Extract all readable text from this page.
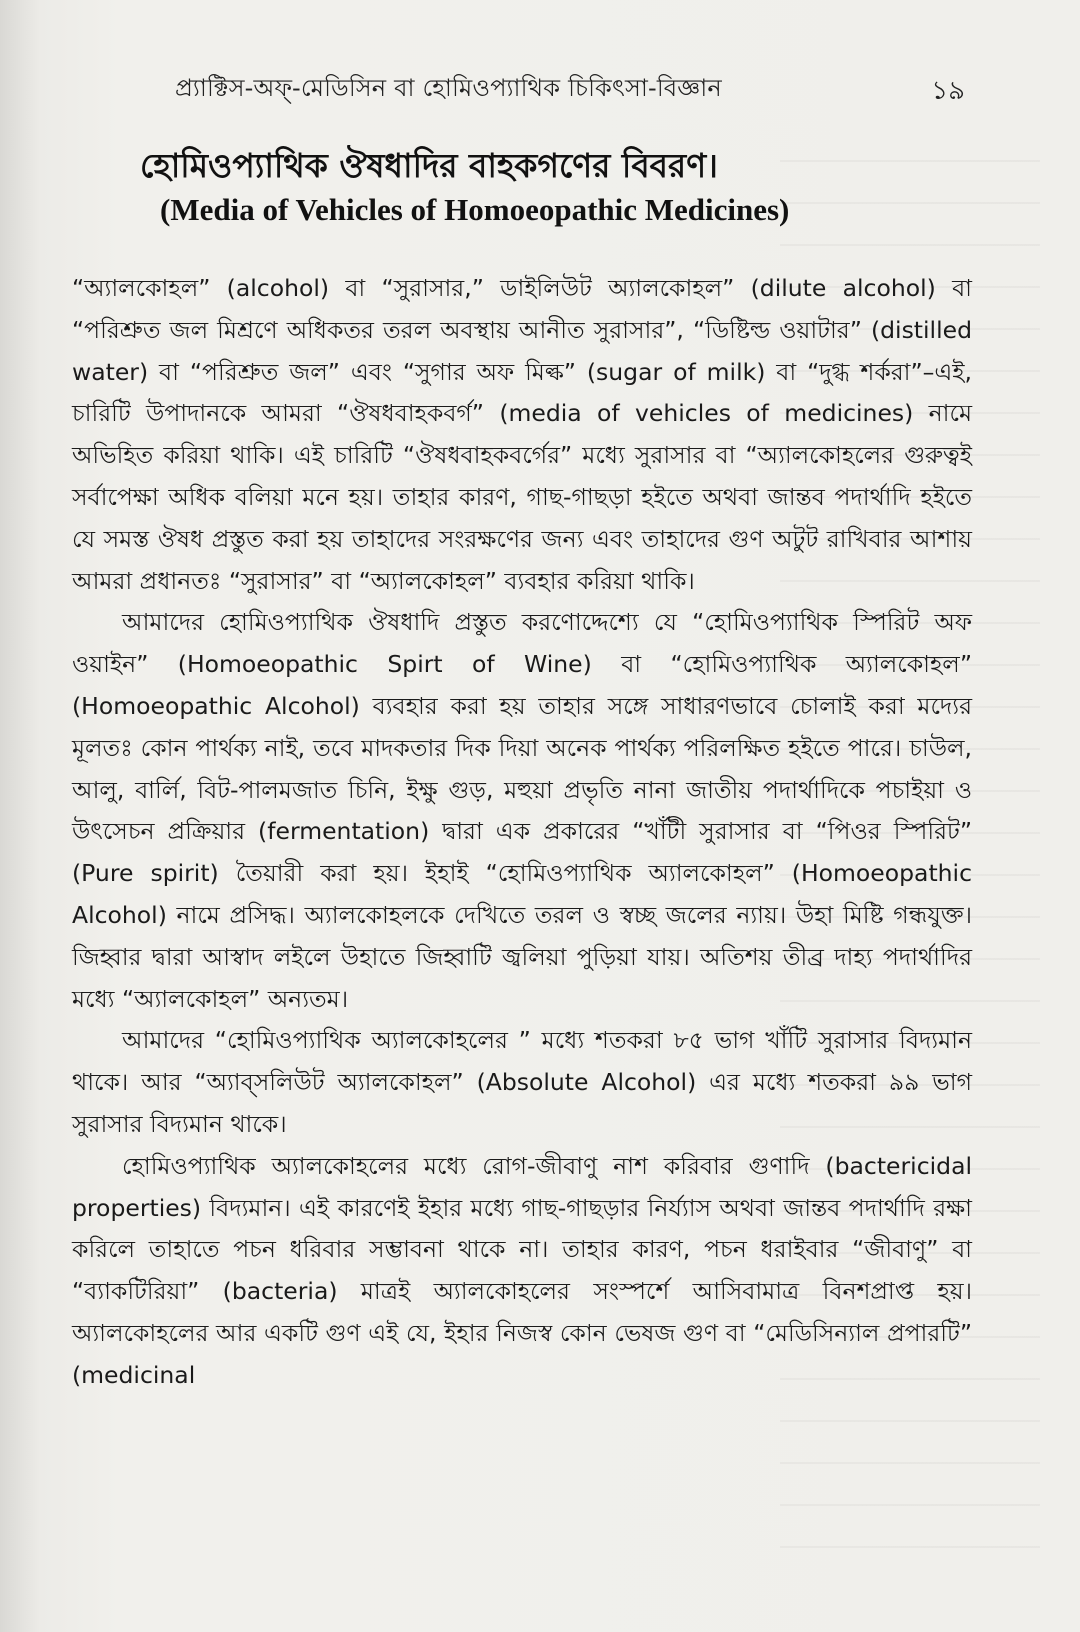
প্র্যাক্টিস-অফ্-মেডিসিন বা হোমিওপ্যাথিক চিকিৎসা-বিজ্ঞান	১৯
হোমিওপ্যাথিক ঔষধাদির বাহকগণের বিবরণ।
(Media of Vehicles of Homoeopathic Medicines)

“অ্যালকোহল” (alcohol) বা “সুরাসার,” ডাইলিউট অ্যালকোহল” (dilute alcohol) বা “পরিশ্রুত জল মিশ্রণে অধিকতর তরল অবস্থায় আনীত সুরাসার”, “ডিষ্টিল্ড ওয়াটার” (distilled water) বা “পরিশ্রুত জল” এবং “সুগার অফ মিল্ক” (sugar of milk) বা “দুগ্ধ শর্করা”–এই, চারিটি উপাদানকে আমরা “ঔষধবাহকবর্গ” (media of vehicles of medicines) নামে অভিহিত করিয়া থাকি। এই চারিটি “ঔষধবাহকবর্গের” মধ্যে সুরাসার বা “অ্যালকোহলের গুরুত্বই সর্বাপেক্ষা অধিক বলিয়া মনে হয়। তাহার কারণ, গাছ-গাছড়া হইতে অথবা জান্তব পদার্থাদি হইতে যে সমস্ত ঔষধ প্রস্তুত করা হয় তাহাদের সংরক্ষণের জন্য এবং তাহাদের গুণ অটুট রাখিবার আশায় আমরা প্রধানতঃ “সুরাসার” বা “অ্যালকোহল” ব্যবহার করিয়া থাকি।

আমাদের হোমিওপ্যাথিক ঔষধাদি প্রস্তুত করণোদ্দেশ্যে যে “হোমিওপ্যাথিক স্পিরিট অফ ওয়াইন” (Homoeopathic Spirt of Wine) বা “হোমিওপ্যাথিক অ্যালকোহল” (Homoeopathic Alcohol) ব্যবহার করা হয় তাহার সঙ্গে সাধারণভাবে চোলাই করা মদ্যের মূলতঃ কোন পার্থক্য নাই, তবে মাদকতার দিক দিয়া অনেক পার্থক্য পরিলক্ষিত হইতে পারে। চাউল, আলু, বার্লি, বিট-পালমজাত চিনি, ইক্ষু গুড়, মহুয়া প্রভৃতি নানা জাতীয় পদার্থাদিকে পচাইয়া ও উৎসেচন প্রক্রিয়ার (fermentation) দ্বারা এক প্রকারের “খাঁটী সুরাসার বা “পিওর স্পিরিট” (Pure spirit) তৈয়ারী করা হয়। ইহাই “হোমিওপ্যাথিক অ্যালকোহল” (Homoeopathic Alcohol) নামে প্রসিদ্ধ। অ্যালকোহলকে দেখিতে তরল ও স্বচ্ছ জলের ন্যায়। উহা মিষ্টি গন্ধযুক্ত। জিহ্বার দ্বারা আস্বাদ লইলে উহাতে জিহ্বাটি জ্বলিয়া পুড়িয়া যায়। অতিশয় তীব্র দাহ্য পদার্থাদির মধ্যে “অ্যালকোহল” অন্যতম।

আমাদের “হোমিওপ্যাথিক অ্যালকোহলের ” মধ্যে শতকরা ৮৫ ভাগ খাঁটি সুরাসার বিদ্যমান থাকে। আর “অ্যাব্‌সলিউট অ্যালকোহল” (Absolute Alcohol) এর মধ্যে শতকরা ৯৯ ভাগ সুরাসার বিদ্যমান থাকে।

হোমিওপ্যাথিক অ্যালকোহলের মধ্যে রোগ-জীবাণু নাশ করিবার গুণাদি (bactericidal properties) বিদ্যমান। এই কারণেই ইহার মধ্যে গাছ-গাছড়ার নির্য্যাস অথবা জান্তব পদার্থাদি রক্ষা করিলে তাহাতে পচন ধরিবার সম্ভাবনা থাকে না। তাহার কারণ, পচন ধরাইবার “জীবাণু” বা “ব্যাকটিরিয়া” (bacteria) মাত্রই অ্যালকোহলের সংস্পর্শে আসিবামাত্র বিনশপ্রাপ্ত হয়। অ্যালকোহলের আর একটি গুণ এই যে, ইহার নিজস্ব কোন ভেষজ গুণ বা “মেডিসিন্যাল প্রপারটি” (medicinal
